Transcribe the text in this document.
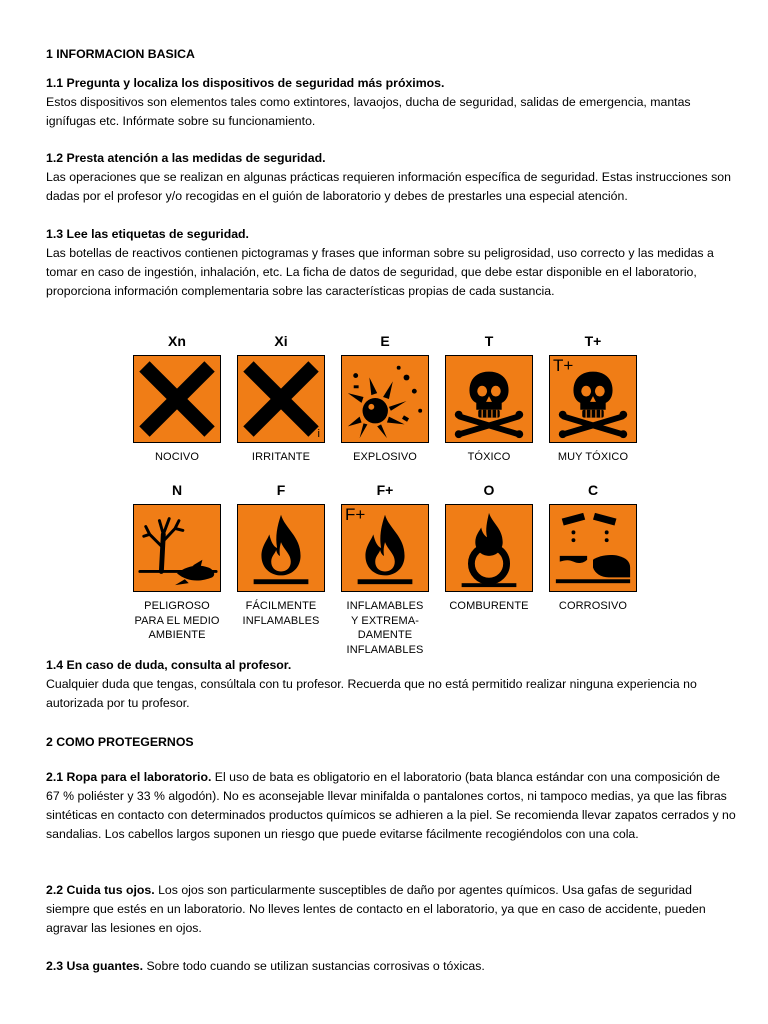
1 INFORMACION BASICA

1.1 Pregunta y localiza los dispositivos de seguridad más próximos.

Estos dispositivos son elementos tales como extintores, lavaojos, ducha de seguridad, salidas de emergencia, mantas ignífugas etc. Infórmate sobre su funcionamiento.

1.2 Presta atención a las medidas de seguridad.

Las operaciones que se realizan en algunas prácticas requieren información específica de seguridad. Estas instrucciones son dadas por el profesor y/o recogidas en el guión de laboratorio y debes de prestarles una especial atención.

1.3 Lee las etiquetas de seguridad.

Las botellas de reactivos contienen pictogramas y frases que informan sobre su peligrosidad, uso correcto y las medidas a tomar en caso de ingestión, inhalación, etc. La ficha de datos de seguridad, que debe estar disponible en el laboratorio, proporciona información complementaria sobre las características propias de cada sustancia.

Xn
NOCIVO
Xi
i
IRRITANTE
E
EXPLOSIVO
T
TÓXICO
T+
T+
MUY TÓXICO
N
PELIGROSO
PARA EL MEDIO
AMBIENTE
F
FÁCILMENTE
INFLAMABLES
F+
F+
INFLAMABLES
Y EXTREMA-
DAMENTE
INFLAMABLES
O
COMBURENTE
C
CORROSIVO

1.4 En caso de duda, consulta al profesor.

Cualquier duda que tengas, consúltala con tu profesor. Recuerda que no está permitido realizar ninguna experiencia no autorizada por tu profesor.

2 COMO PROTEGERNOS

2.1 Ropa para el laboratorio. El uso de bata es obligatorio en el laboratorio (bata blanca estándar con una composición de 67 % poliéster y 33 % algodón). No es aconsejable llevar minifalda o pantalones cortos, ni tampoco medias, ya que las fibras sintéticas en contacto con determinados productos químicos se adhieren a la piel. Se recomienda llevar zapatos cerrados y no sandalias. Los cabellos largos suponen un riesgo que puede evitarse fácilmente recogiéndolos con una cola.

2.2 Cuida tus ojos. Los ojos son particularmente susceptibles de daño por agentes químicos. Usa gafas de seguridad siempre que estés en un laboratorio. No lleves lentes de contacto en el laboratorio, ya que en caso de accidente, pueden agravar las lesiones en ojos.

2.3 Usa guantes. Sobre todo cuando se utilizan sustancias corrosivas o tóxicas.
